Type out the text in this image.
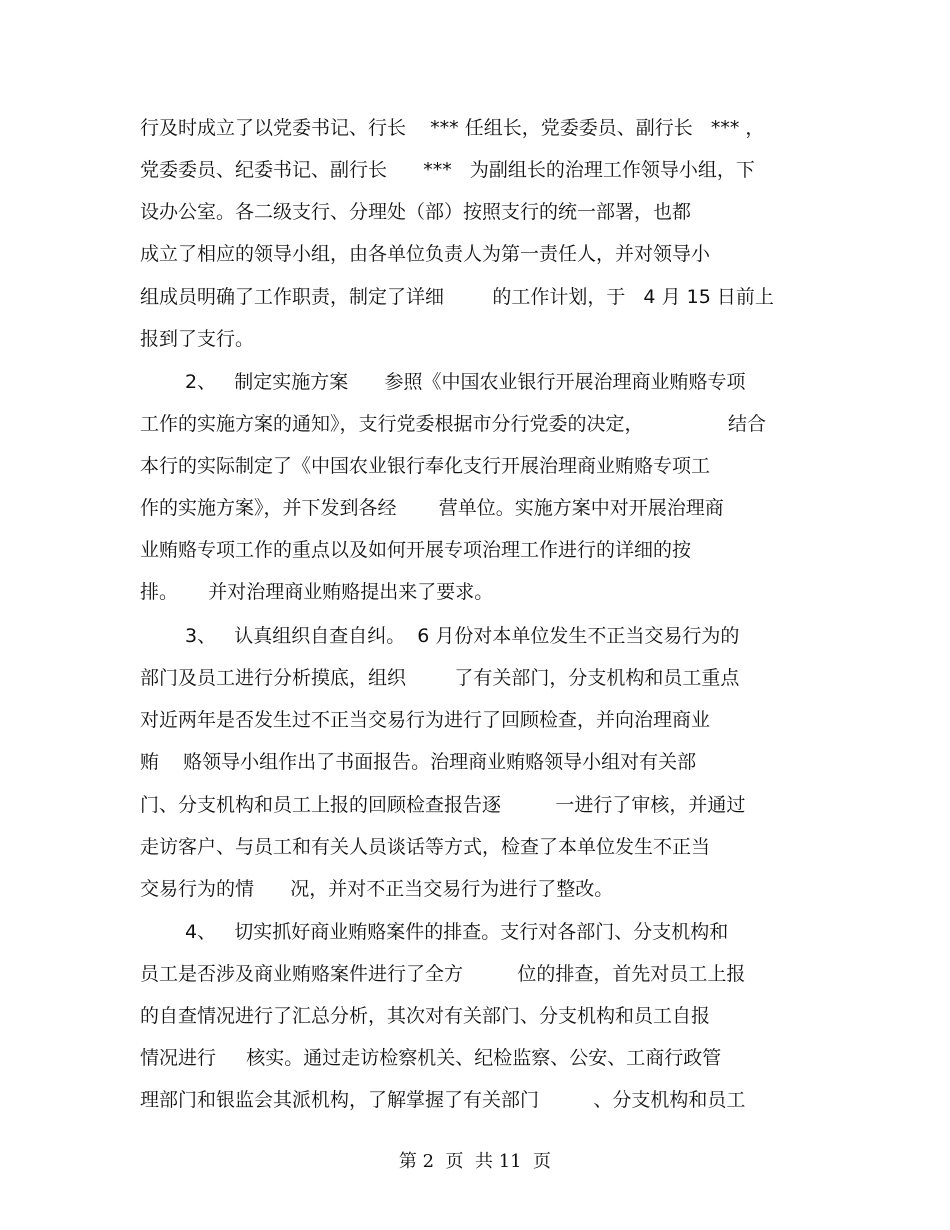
行及时成立了以党委书记、行长    *** 任组长，党委委员、副行长   *** ，
党委委员、纪委书记、副行长      ***   为副组长的治理工作领导小组，下
设办公室。各二级支行、分理处（部）按照支行的统一部署，也都
成立了相应的领导小组，由各单位负责人为第一责任人，并对领导小
组成员明确了工作职责，制定了详细        的工作计划，于   4 月 15 日前上
报到了支行。
2、   制定实施方案      参照《中国农业银行开展治理商业贿赂专项
工作的实施方案的通知》，支行党委根据市分行党委的决定，              结合
本行的实际制定了《中国农业银行奉化支行开展治理商业贿赂专项工
作的实施方案》，并下发到各经       营单位。实施方案中对开展治理商
业贿赂专项工作的重点以及如何开展专项治理工作进行的详细的按
排。     并对治理商业贿赂提出来了要求。
3、   认真组织自查自纠。  6 月份对本单位发生不正当交易行为的
部门及员工进行分析摸底，组织        了有关部门，分支机构和员工重点
对近两年是否发生过不正当交易行为进行了回顾检查，并向治理商业
贿    赂领导小组作出了书面报告。治理商业贿赂领导小组对有关部
门、分支机构和员工上报的回顾检查报告逐         一进行了审核，并通过
走访客户、与员工和有关人员谈话等方式，检查了本单位发生不正当
交易行为的情      况，并对不正当交易行为进行了整改。
4、   切实抓好商业贿赂案件的排查。支行对各部门、分支机构和
员工是否涉及商业贿赂案件进行了全方         位的排查，首先对员工上报
的自查情况进行了汇总分析，其次对有关部门、分支机构和员工自报
情况进行     核实。通过走访检察机关、纪检监察、公安、工商行政管
理部门和银监会其派机构，了解掌握了有关部门         、分支机构和员工
第 2  页  共 11  页
